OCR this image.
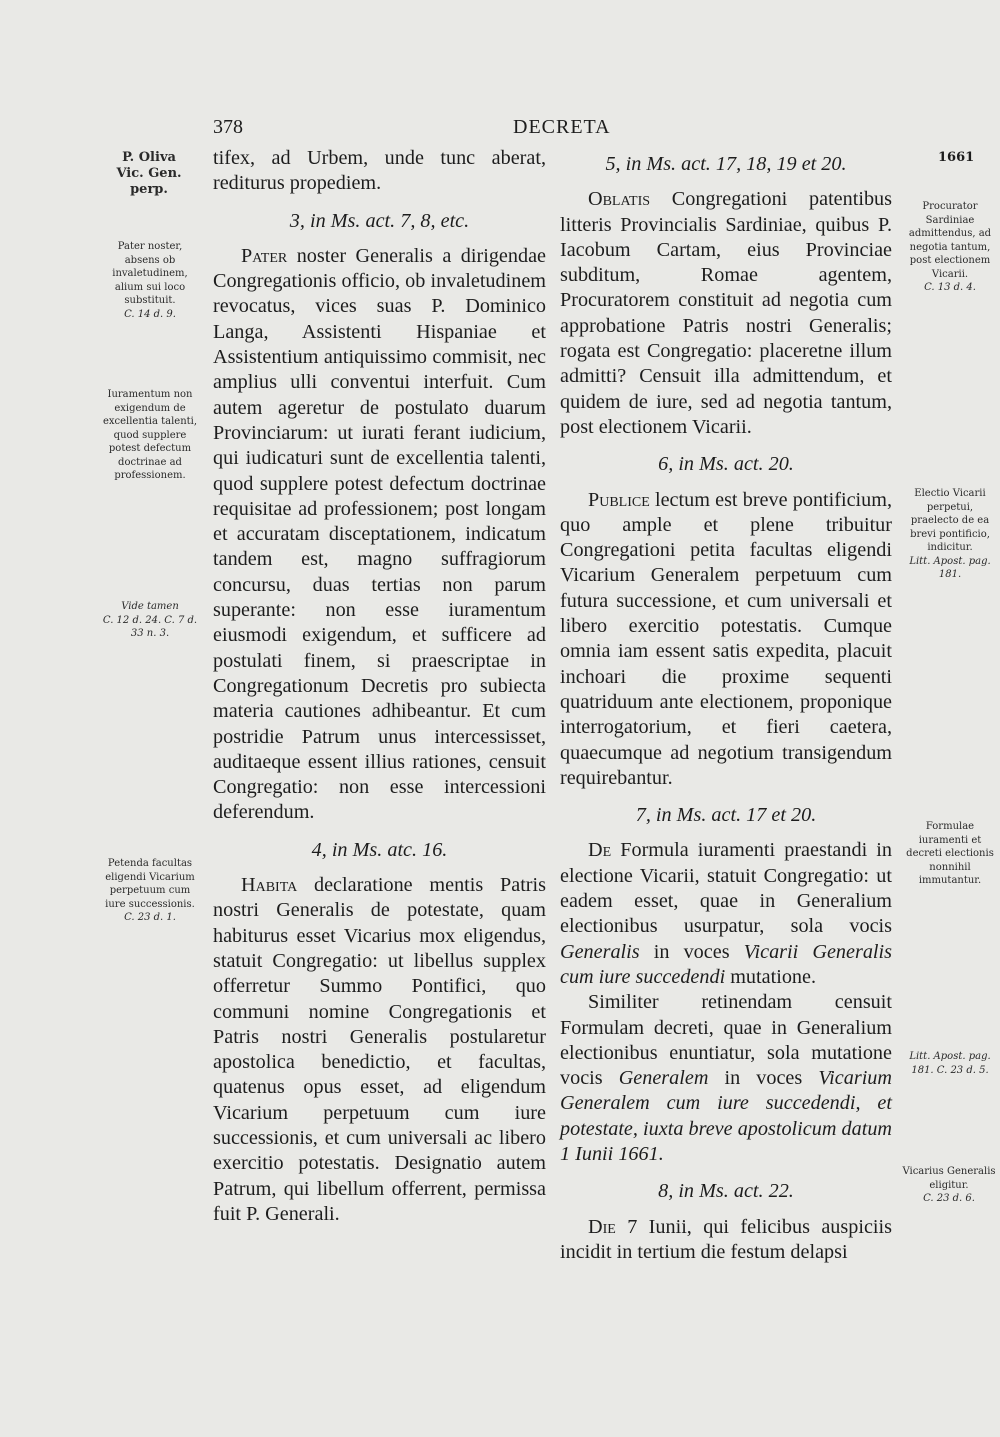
378	DECRETA
1661
P. Oliva Vic. Gen. perp.
Pater noster, absens ob invaletudinem, alium sui loco substituit.
C. 14 d. 9.
Iuramentum non exigendum de excellentia talenti, quod supplere potest defectum doctrinae ad professionem.
Vide tamen
C. 12 d. 24. C. 7 d. 33 n. 3.
Petenda facultas eligendi Vicarium perpetuum cum iure successionis.
C. 23 d. 1.
Procurator Sardiniae admittendus, ad negotia tantum, post electionem Vicarii.
C. 13 d. 4.
Electio Vicarii perpetui, praelecto de ea brevi pontificio, indicitur.
Litt. Apost. pag. 181.
Formulae iuramenti et decreti electionis nonnihil immutantur.
Litt. Apost. pag. 181. C. 23 d. 5.
Vicarius Generalis eligitur.
C. 23 d. 6.

tifex, ad Urbem, unde tunc aberat, rediturus propediem.

3, in Ms. act. 7, 8, etc.

Pater noster Generalis a dirigendae Congregationis officio, ob invaletudinem revocatus, vices suas P. Dominico Langa, Assistenti Hispaniae et Assistentium antiquissimo commisit, nec amplius ulli conventui interfuit. Cum autem ageretur de postulato duarum Provinciarum: ut iurati ferant iudicium, qui iudicaturi sunt de excellentia talenti, quod supplere potest defectum doctrinae requisitae ad professionem; post longam et accuratam disceptationem, indicatum tandem est, magno suffragiorum concursu, duas tertias non parum superante: non esse iuramentum eiusmodi exigendum, et sufficere ad postulati finem, si praescriptae in Congregationum Decretis pro subiecta materia cautiones adhibeantur. Et cum postridie Patrum unus intercessisset, auditaeque essent illius rationes, censuit Congregatio: non esse intercessioni deferendum.

4, in Ms. atc. 16.

Habita declaratione mentis Patris nostri Generalis de potestate, quam habiturus esset Vicarius mox eligendus, statuit Congregatio: ut libellus supplex offerretur Summo Pontifici, quo communi nomine Congregationis et Patris nostri Generalis postularetur apostolica benedictio, et facultas, quatenus opus esset, ad eligendum Vicarium perpetuum cum iure successionis, et cum universali ac libero exercitio potestatis. Designatio autem Patrum, qui libellum offerrent, permissa fuit P. Generali.

5, in Ms. act. 17, 18, 19 et 20.

Oblatis Congregationi patentibus litteris Provincialis Sardiniae, quibus P. Iacobum Cartam, eius Provinciae subditum, Romae agentem, Procuratorem constituit ad negotia cum approbatione Patris nostri Generalis; rogata est Congregatio: placeretne illum admitti? Censuit illa admittendum, et quidem de iure, sed ad negotia tantum, post electionem Vicarii.

6, in Ms. act. 20.

Publice lectum est breve pontificium, quo ample et plene tribuitur Congregationi petita facultas eligendi Vicarium Generalem perpetuum cum futura successione, et cum universali et libero exercitio potestatis. Cumque omnia iam essent satis expedita, placuit inchoari die proxime sequenti quatriduum ante electionem, proponique interrogatorium, et fieri caetera, quaecumque ad negotium transigendum requirebantur.

7, in Ms. act. 17 et 20.

De Formula iuramenti praestandi in electione Vicarii, statuit Congregatio: ut eadem esset, quae in Generalium electionibus usurpatur, sola vocis Generalis in voces Vicarii Generalis cum iure succedendi mutatione.

Similiter retinendam censuit Formulam decreti, quae in Generalium electionibus enuntiatur, sola mutatione vocis Generalem in voces Vicarium Generalem cum iure succedendi, et potestate, iuxta breve apostolicum datum 1 Iunii 1661.

8, in Ms. act. 22.

Die 7 Iunii, qui felicibus auspiciis incidit in tertium die festum delapsi
